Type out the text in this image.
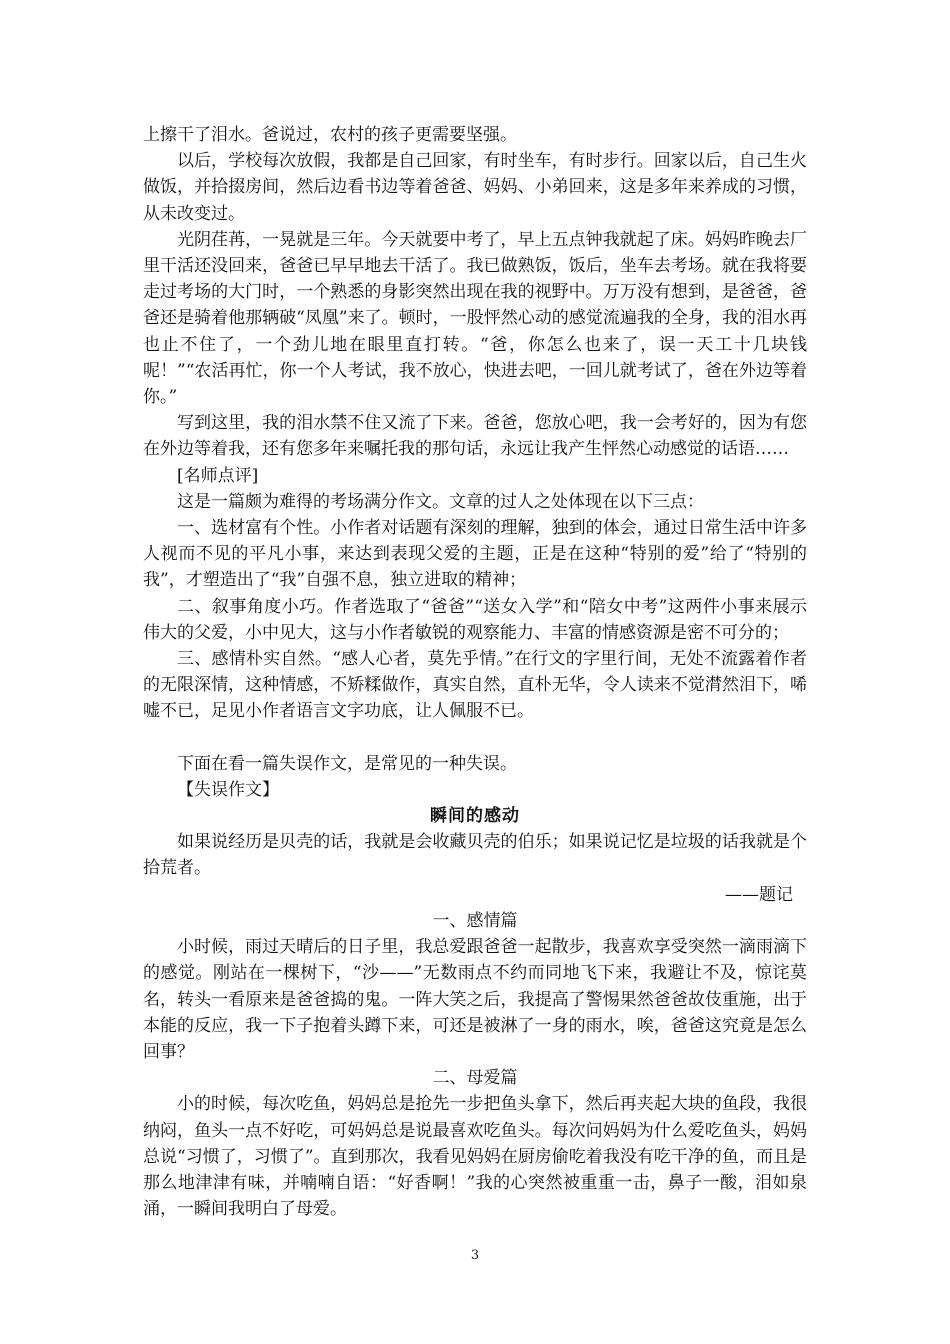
上擦干了泪水。爸说过，农村的孩子更需要坚强。

以后，学校每次放假，我都是自己回家，有时坐车，有时步行。回家以后，自己生火做饭，并拾掇房间，然后边看书边等着爸爸、妈妈、小弟回来，这是多年来养成的习惯，从未改变过。

光阴荏苒，一晃就是三年。今天就要中考了，早上五点钟我就起了床。妈妈昨晚去厂里干活还没回来，爸爸已早早地去干活了。我已做熟饭，饭后，坐车去考场。就在我将要走过考场的大门时，一个熟悉的身影突然出现在我的视野中。万万没有想到，是爸爸，爸爸还是骑着他那辆破“凤凰”来了。顿时，一股怦然心动的感觉流遍我的全身，我的泪水再也止不住了，一个劲儿地在眼里直打转。“爸，你怎么也来了，误一天工十几块钱呢！”“农活再忙，你一个人考试，我不放心，快进去吧，一回儿就考试了，爸在外边等着你。”

写到这里，我的泪水禁不住又流了下来。爸爸，您放心吧，我一会考好的，因为有您在外边等着我，还有您多年来嘱托我的那句话，永远让我产生怦然心动感觉的话语……

[名师点评]

这是一篇颇为难得的考场满分作文。文章的过人之处体现在以下三点：

一、选材富有个性。小作者对话题有深刻的理解，独到的体会，通过日常生活中许多人视而不见的平凡小事，来达到表现父爱的主题，正是在这种“特别的爱”给了“特别的我”，才塑造出了“我”自强不息，独立进取的精神；

二、叙事角度小巧。作者选取了“爸爸”“送女入学”和“陪女中考”这两件小事来展示伟大的父爱，小中见大，这与小作者敏锐的观察能力、丰富的情感资源是密不可分的；

三、感情朴实自然。“感人心者，莫先乎情。”在行文的字里行间，无处不流露着作者的无限深情，这种情感，不矫糅做作，真实自然，直朴无华，令人读来不觉潸然泪下，唏嘘不已，足见小作者语言文字功底，让人佩服不已。

下面在看一篇失误作文，是常见的一种失误。

【失误作文】

瞬间的感动

如果说经历是贝壳的话，我就是会收藏贝壳的伯乐；如果说记忆是垃圾的话我就是个拾荒者。

——题记

一、感情篇

小时候，雨过天晴后的日子里，我总爱跟爸爸一起散步，我喜欢享受突然一滴雨滴下的感觉。刚站在一棵树下，“沙——”无数雨点不约而同地飞下来，我避让不及，惊诧莫名，转头一看原来是爸爸捣的鬼。一阵大笑之后，我提高了警惕果然爸爸故伎重施，出于本能的反应，我一下子抱着头蹲下来，可还是被淋了一身的雨水，唉，爸爸这究竟是怎么回事？

二、母爱篇

小的时候，每次吃鱼，妈妈总是抢先一步把鱼头拿下，然后再夹起大块的鱼段，我很纳闷，鱼头一点不好吃，可妈妈总是说最喜欢吃鱼头。每次问妈妈为什么爱吃鱼头，妈妈总说“习惯了，习惯了”。直到那次，我看见妈妈在厨房偷吃着我没有吃干净的鱼，而且是那么地津津有味，并喃喃自语：“好香啊！”我的心突然被重重一击，鼻子一酸，泪如泉涌，一瞬间我明白了母爱。

3
